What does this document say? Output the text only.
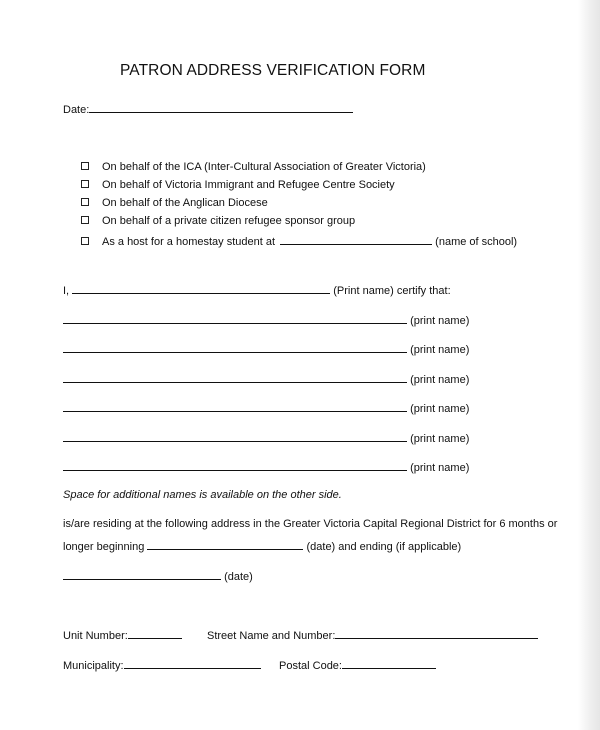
PATRON ADDRESS VERIFICATION FORM
Date:
On behalf of the ICA (Inter-Cultural Association of Greater Victoria)
On behalf of Victoria Immigrant and Refugee Centre Society
On behalf of the Anglican Diocese
On behalf of a private citizen refugee sponsor group
As a host for a homestay student at	(name of school)
I,	(Print name) certify that:
(print name)
(print name)
(print name)
(print name)
(print name)
(print name)
Space for additional names is available on the other side.
is/are residing at the following address in the Greater Victoria Capital Regional District for 6 months or
longer beginning	(date) and ending (if applicable)
(date)
Unit Number:	Street Name and Number:
Municipality:	Postal Code:
